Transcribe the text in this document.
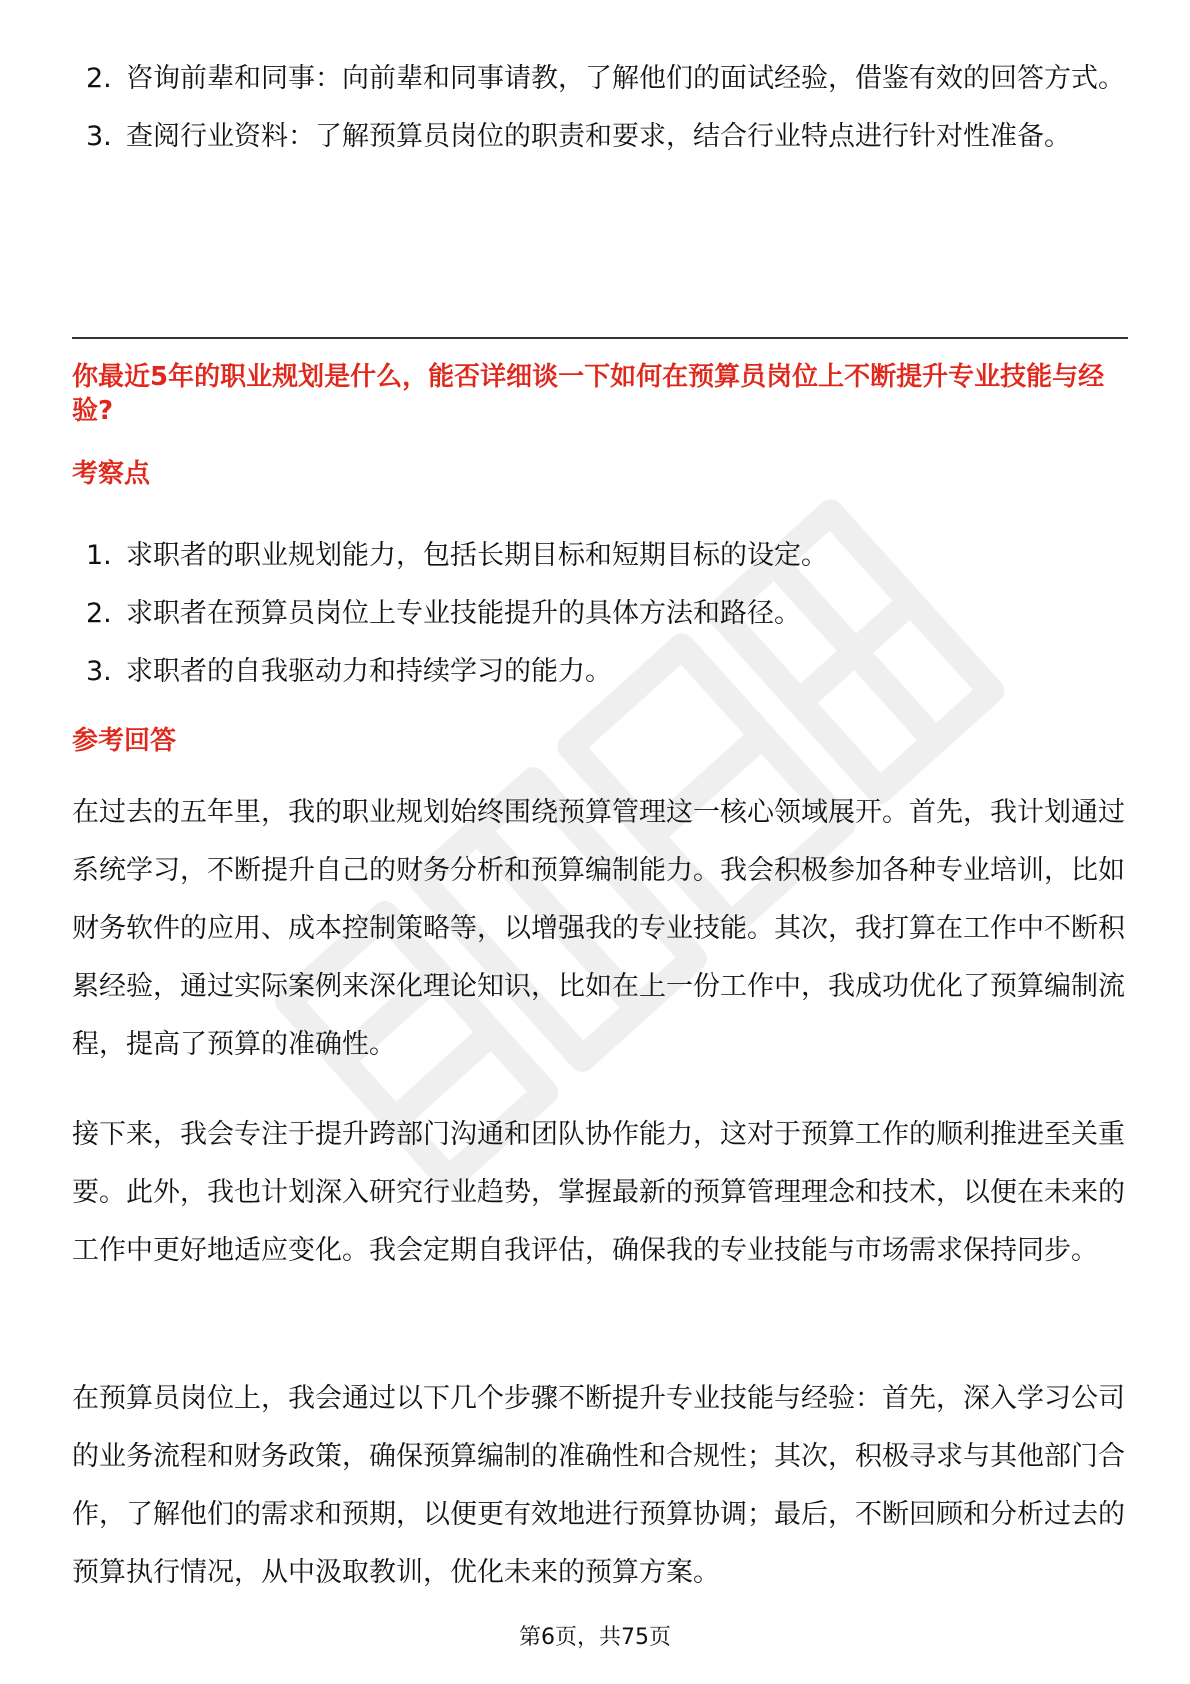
2. 咨询前辈和同事：向前辈和同事请教，了解他们的面试经验，借鉴有效的回答方式。
3. 查阅行业资料：了解预算员岗位的职责和要求，结合行业特点进行针对性准备。
你最近5年的职业规划是什么，能否详细谈一下如何在预算员岗位上不断提升专业技能与经验?
考察点
1. 求职者的职业规划能力，包括长期目标和短期目标的设定。
2. 求职者在预算员岗位上专业技能提升的具体方法和路径。
3. 求职者的自我驱动力和持续学习的能力。
参考回答

在过去的五年里，我的职业规划始终围绕预算管理这一核心领域展开。首先，我计划通过系统学习，不断提升自己的财务分析和预算编制能力。我会积极参加各种专业培训，比如财务软件的应用、成本控制策略等，以增强我的专业技能。其次，我打算在工作中不断积累经验，通过实际案例来深化理论知识，比如在上一份工作中，我成功优化了预算编制流程，提高了预算的准确性。

接下来，我会专注于提升跨部门沟通和团队协作能力，这对于预算工作的顺利推进至关重要。此外，我也计划深入研究行业趋势，掌握最新的预算管理理念和技术，以便在未来的工作中更好地适应变化。我会定期自我评估，确保我的专业技能与市场需求保持同步。

在预算员岗位上，我会通过以下几个步骤不断提升专业技能与经验：首先，深入学习公司的业务流程和财务政策，确保预算编制的准确性和合规性；其次，积极寻求与其他部门合作，了解他们的需求和预期，以便更有效地进行预算协调；最后，不断回顾和分析过去的预算执行情况，从中汲取教训，优化未来的预算方案。

第6页，共75页
